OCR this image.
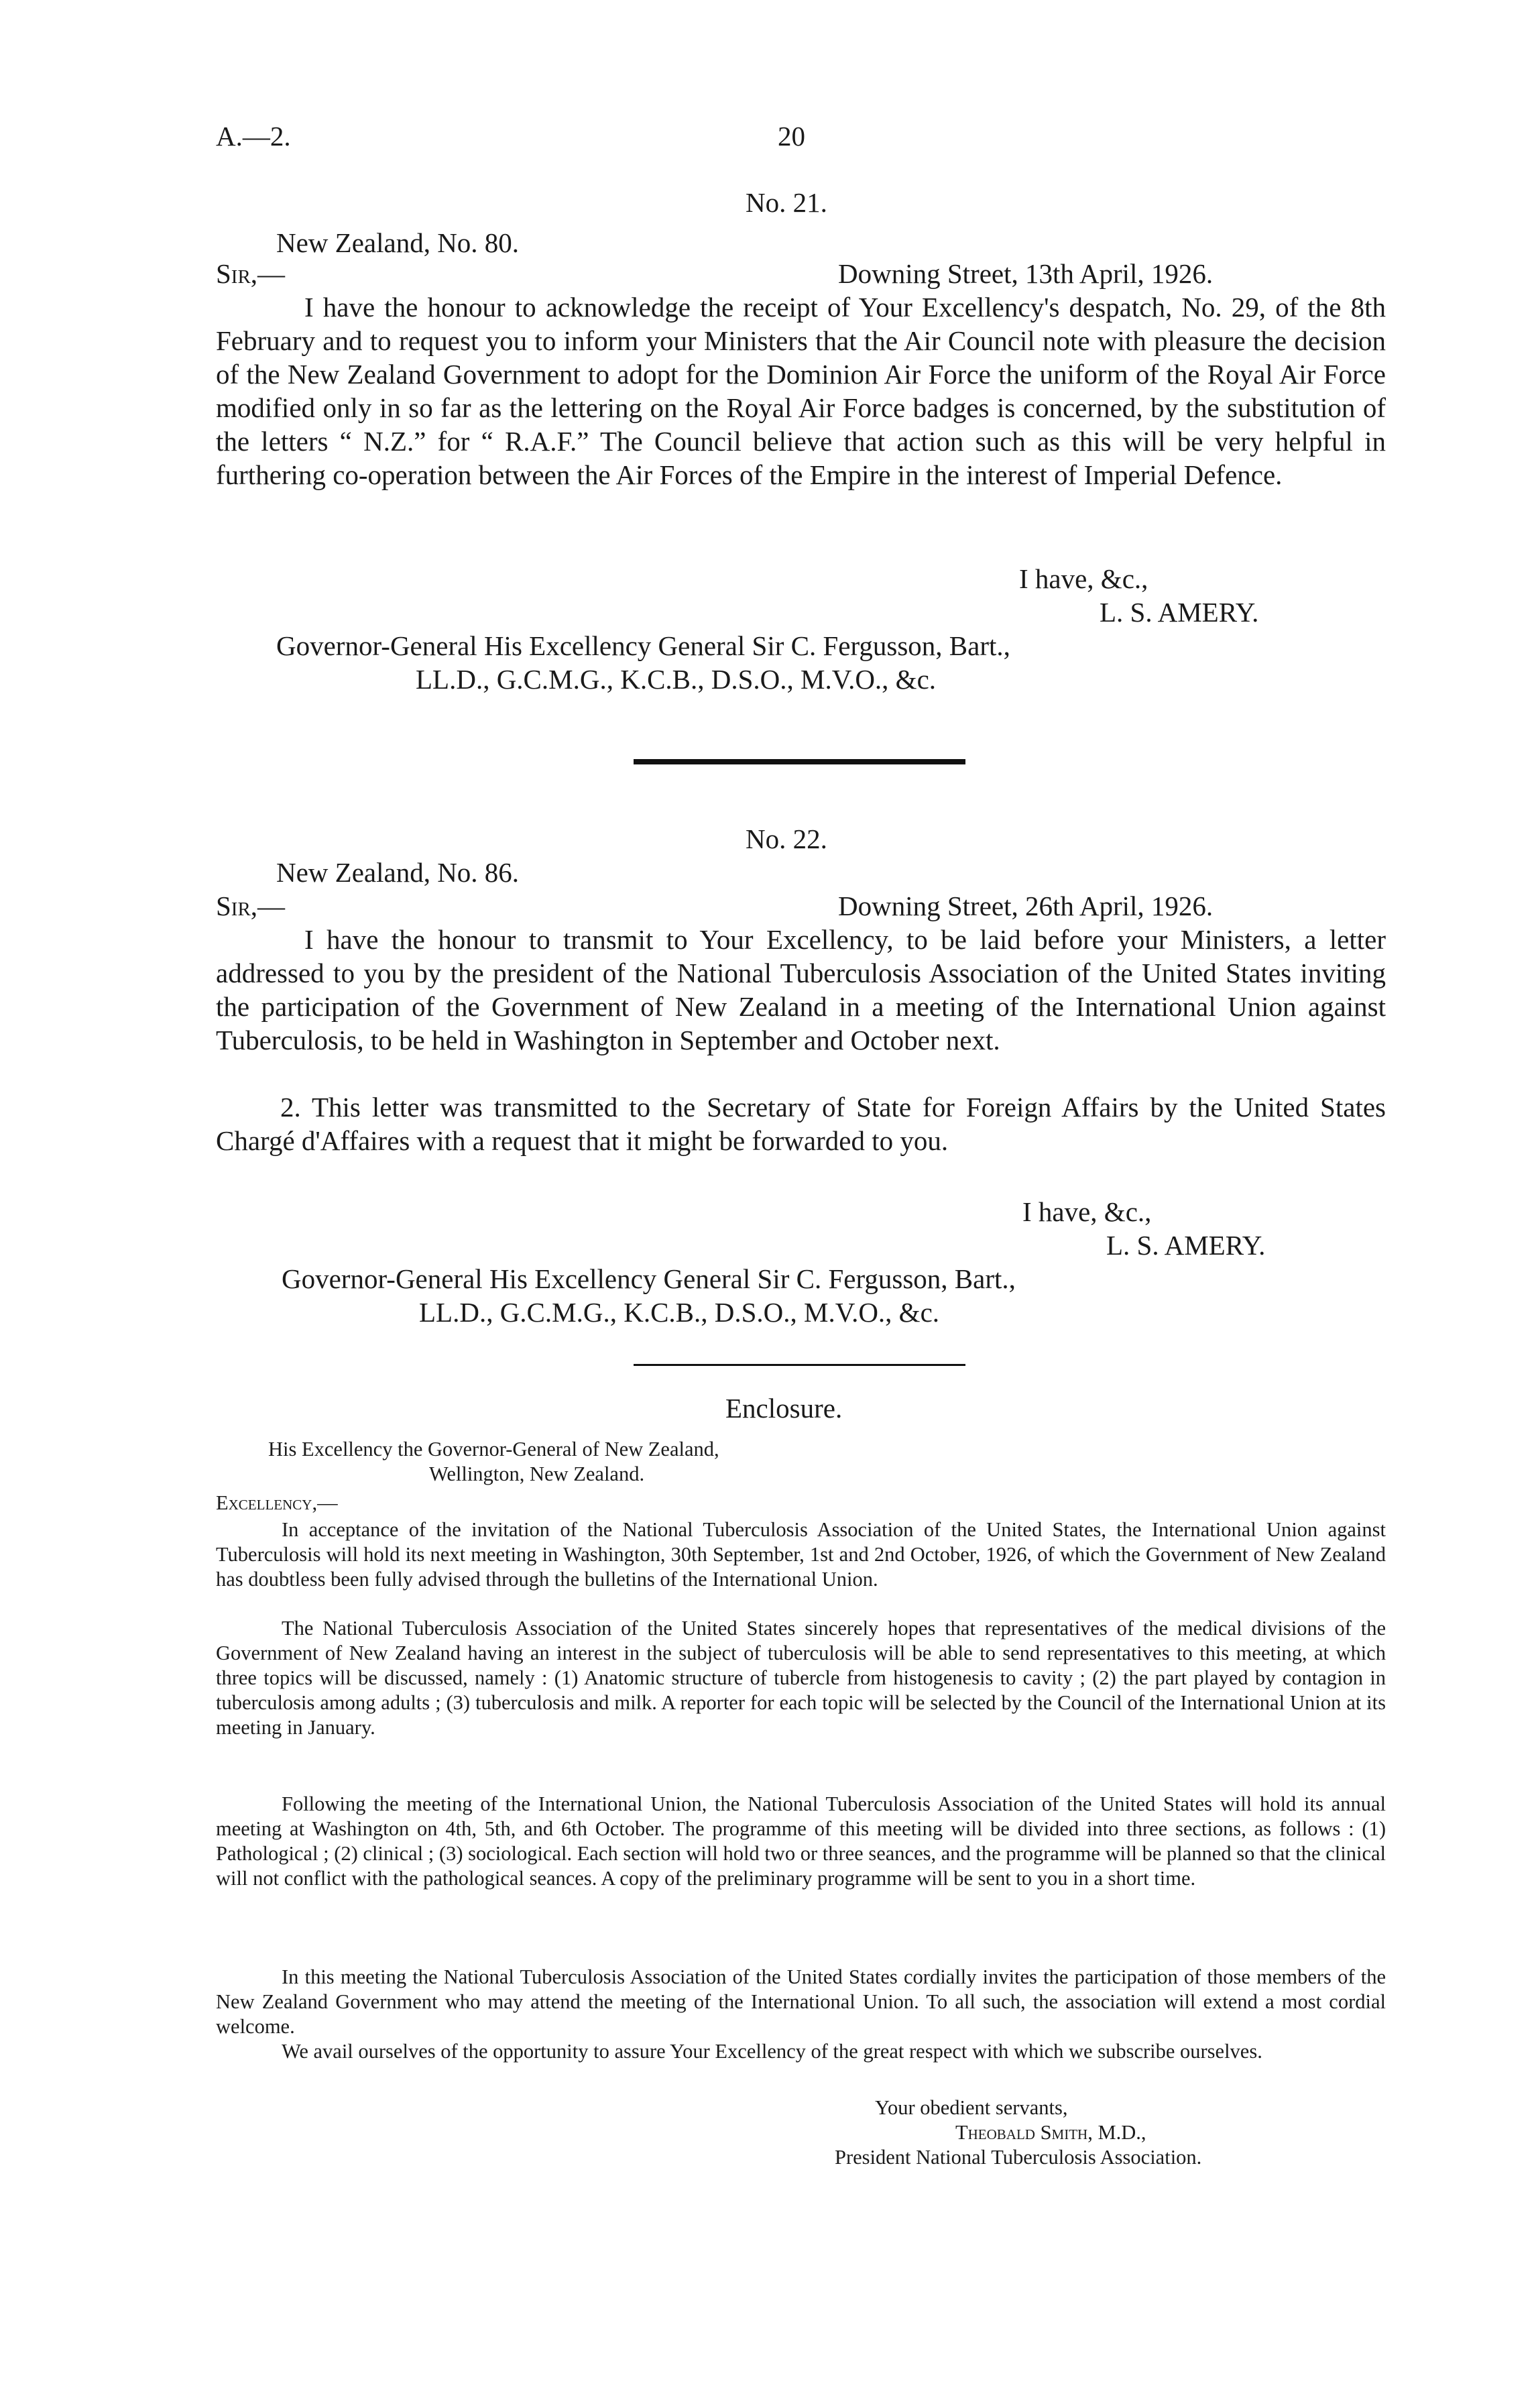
A.—2.	20
No. 21.
New Zealand, No. 80.
Sir,—	Downing Street, 13th April, 1926.
I have the honour to acknowledge the receipt of Your Excellency's despatch, No. 29, of the 8th February and to request you to inform your Ministers that the Air Council note with pleasure the decision of the New Zealand Government to adopt for the Dominion Air Force the uniform of the Royal Air Force modified only in so far as the lettering on the Royal Air Force badges is concerned, by the substitution of the letters “ N.Z.” for “ R.A.F.” The Council believe that action such as this will be very helpful in furthering co-operation between the Air Forces of the Empire in the interest of Imperial Defence.
I have, &c.,
L. S. AMERY.
Governor-General His Excellency General Sir C. Fergusson, Bart.,
LL.D., G.C.M.G., K.C.B., D.S.O., M.V.O., &c.
No. 22.
New Zealand, No. 86.
Sir,—	Downing Street, 26th April, 1926.
I have the honour to transmit to Your Excellency, to be laid before your Ministers, a letter addressed to you by the president of the National Tuberculosis Association of the United States inviting the participation of the Government of New Zealand in a meeting of the International Union against Tuberculosis, to be held in Washington in September and October next.
2. This letter was transmitted to the Secretary of State for Foreign Affairs by the United States Chargé d'Affaires with a request that it might be forwarded to you.
I have, &c.,
L. S. AMERY.
Governor-General His Excellency General Sir C. Fergusson, Bart.,
LL.D., G.C.M.G., K.C.B., D.S.O., M.V.O., &c.
Enclosure.
His Excellency the Governor-General of New Zealand,
Wellington, New Zealand.
Excellency,—
In acceptance of the invitation of the National Tuberculosis Association of the United States, the International Union against Tuberculosis will hold its next meeting in Washington, 30th September, 1st and 2nd October, 1926, of which the Government of New Zealand has doubtless been fully advised through the bulletins of the International Union.
The National Tuberculosis Association of the United States sincerely hopes that representatives of the medical divisions of the Government of New Zealand having an interest in the subject of tuberculosis will be able to send representatives to this meeting, at which three topics will be discussed, namely : (1) Anatomic structure of tubercle from histogenesis to cavity ; (2) the part played by contagion in tuberculosis among adults ; (3) tuberculosis and milk. A reporter for each topic will be selected by the Council of the International Union at its meeting in January.
Following the meeting of the International Union, the National Tuberculosis Association of the United States will hold its annual meeting at Washington on 4th, 5th, and 6th October. The programme of this meeting will be divided into three sections, as follows : (1) Pathological ; (2) clinical ; (3) sociological. Each section will hold two or three seances, and the programme will be planned so that the clinical will not conflict with the pathological seances. A copy of the preliminary programme will be sent to you in a short time.
In this meeting the National Tuberculosis Association of the United States cordially invites the participation of those members of the New Zealand Government who may attend the meeting of the International Union. To all such, the association will extend a most cordial welcome.
We avail ourselves of the opportunity to assure Your Excellency of the great respect with which we subscribe ourselves.
Your obedient servants,
Theobald Smith, M.D.,
President National Tuberculosis Association.
